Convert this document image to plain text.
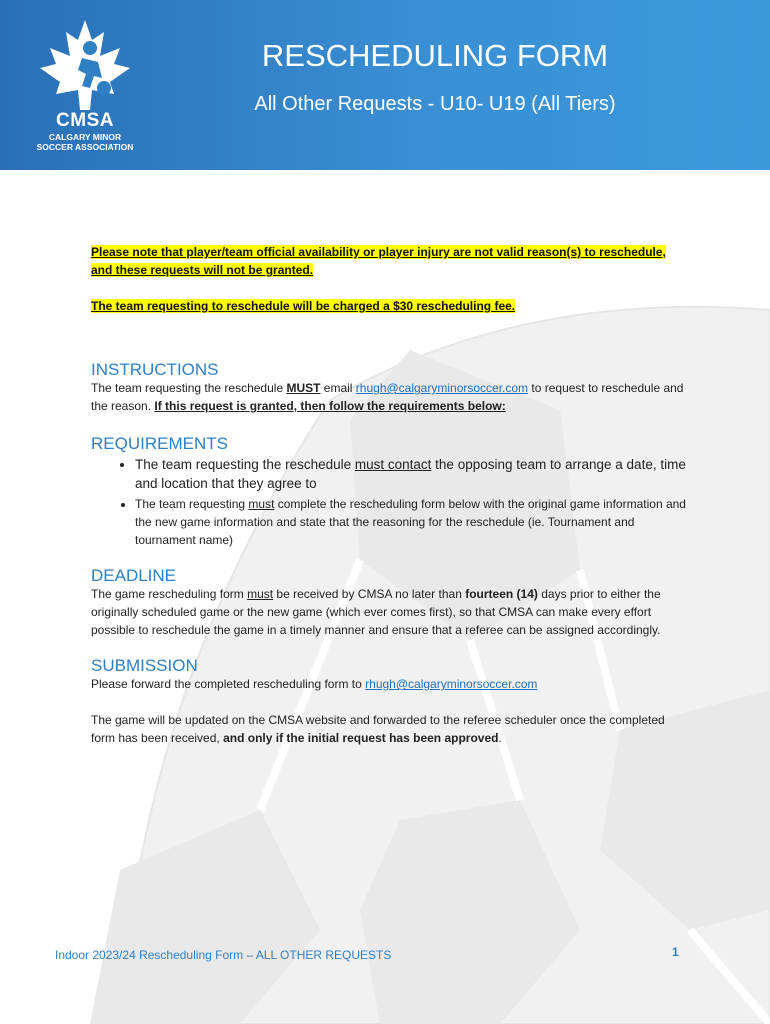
CMSA
CALGARY MINOR
SOCCER ASSOCIATION
RESCHEDULING FORM
All Other Requests - U10- U19 (All Tiers)

Please note that player/team official availability or player injury are not valid reason(s) to reschedule,

and these requests will not be granted.

The team requesting to reschedule will be charged a $30 rescheduling fee.

INSTRUCTIONS

The team requesting the reschedule MUST email rhugh@calgaryminorsoccer.com to request to reschedule and the reason. If this request is granted, then follow the requirements below:

REQUIREMENTS
• The team requesting the reschedule must contact the opposing team to arrange a date, time and location that they agree to
• The team requesting must complete the rescheduling form below with the original game information and the new game information and state that the reasoning for the reschedule (ie. Tournament and tournament name)
DEADLINE

The game rescheduling form must be received by CMSA no later than fourteen (14) days prior to either the originally scheduled game or the new game (which ever comes first), so that CMSA can make every effort possible to reschedule the game in a timely manner and ensure that a referee can be assigned accordingly.

SUBMISSION

Please forward the completed rescheduling form to rhugh@calgaryminorsoccer.com

The game will be updated on the CMSA website and forwarded to the referee scheduler once the completed form has been received, and only if the initial request has been approved.

Indoor 2023/24 Rescheduling Form – ALL OTHER REQUESTS	1
